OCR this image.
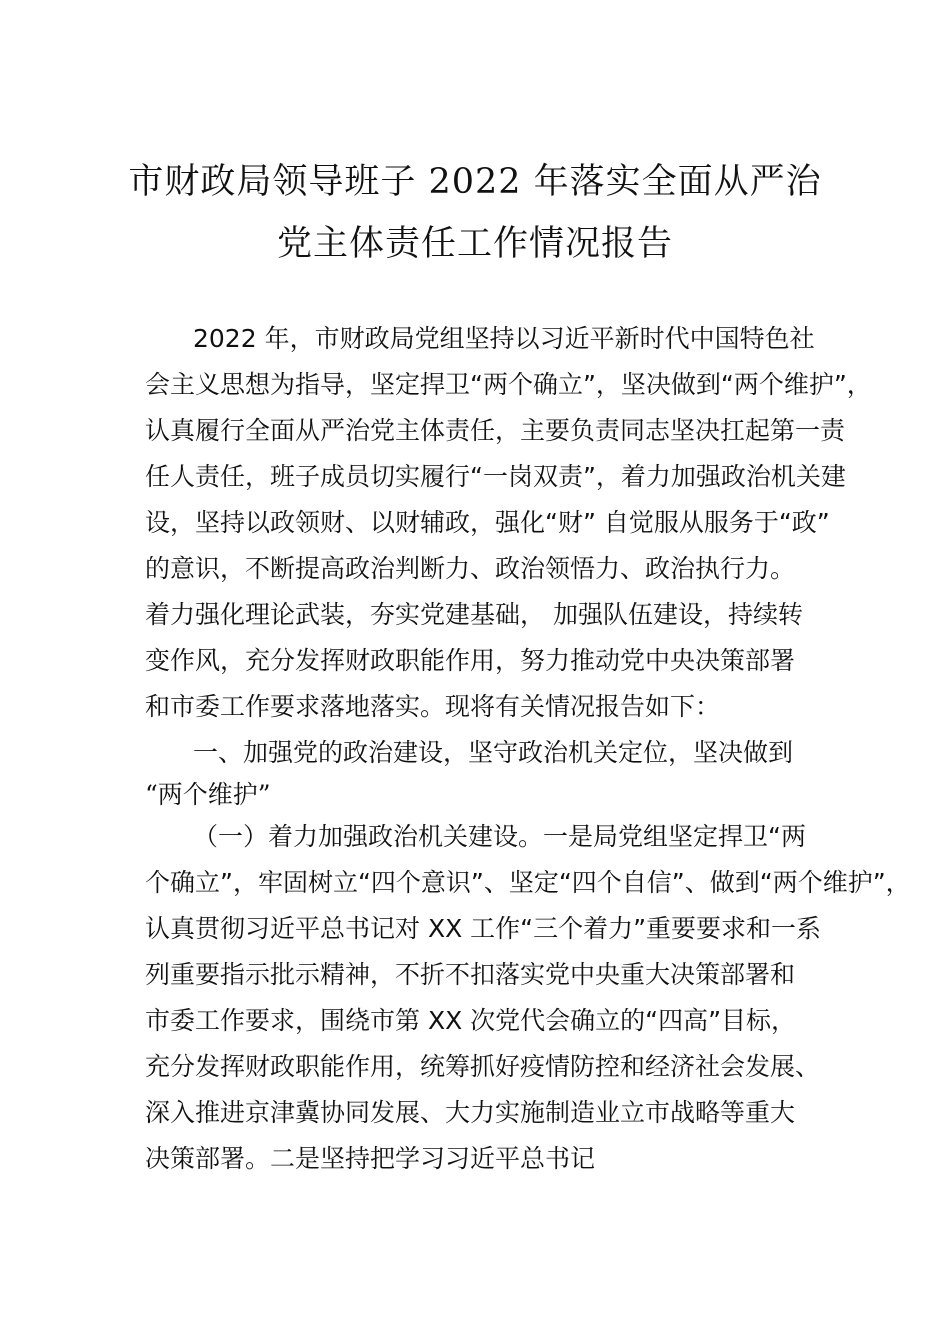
市财政局领导班子 2022 年落实全面从严治
党主体责任工作情况报告
2022 年，市财政局党组坚持以习近平新时代中国特色社
会主义思想为指导，坚定捍卫“两个确立”，坚决做到“两个维护”，
认真履行全面从严治党主体责任，主要负责同志坚决扛起第一责
任人责任，班子成员切实履行“一岗双责”，着力加强政治机关建
设，坚持以政领财、以财辅政，强化“财” 自觉服从服务于“政”
的意识，不断提高政治判断力、政治领悟力、政治执行力。
着力强化理论武装，夯实党建基础， 加强队伍建设，持续转
变作风，充分发挥财政职能作用，努力推动党中央决策部署
和市委工作要求落地落实。现将有关情况报告如下：
一、加强党的政治建设，坚守政治机关定位，坚决做到
“两个维护”
（一）着力加强政治机关建设。一是局党组坚定捍卫“两
个确立”，牢固树立“四个意识”、坚定“四个自信”、做到“两个维护”，
认真贯彻习近平总书记对 XX 工作“三个着力”重要要求和一系
列重要指示批示精神，不折不扣落实党中央重大决策部署和
市委工作要求，围绕市第 XX 次党代会确立的“四高”目标，
充分发挥财政职能作用，统筹抓好疫情防控和经济社会发展、
深入推进京津冀协同发展、大力实施制造业立市战略等重大
决策部署。二是坚持把学习习近平总书记
